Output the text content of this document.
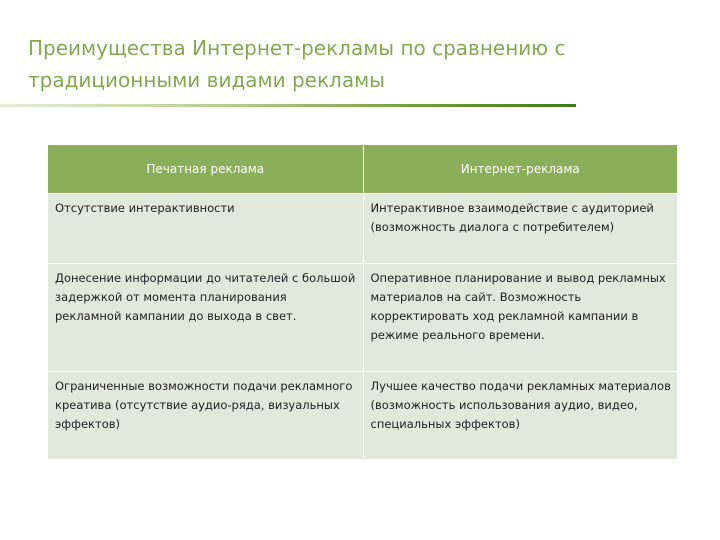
Преимущества Интернет-рекламы по сравнению с традиционными видами рекламы
Печатная реклама	Интернет-реклама
Отсутствие интерактивности	Интерактивное взаимодействие с аудиторией (возможность диалога с потребителем)
Донесение информации до читателей с большой задержкой от момента планирования рекламной кампании до выхода в свет.	Оперативное планирование и вывод рекламных материалов на сайт. Возможность корректировать ход рекламной кампании в режиме реального времени.
Ограниченные возможности подачи рекламного креатива (отсутствие аудио-ряда, визуальных эффектов)	Лучшее качество подачи рекламных материалов (возможность использования аудио, видео, специальных эффектов)
